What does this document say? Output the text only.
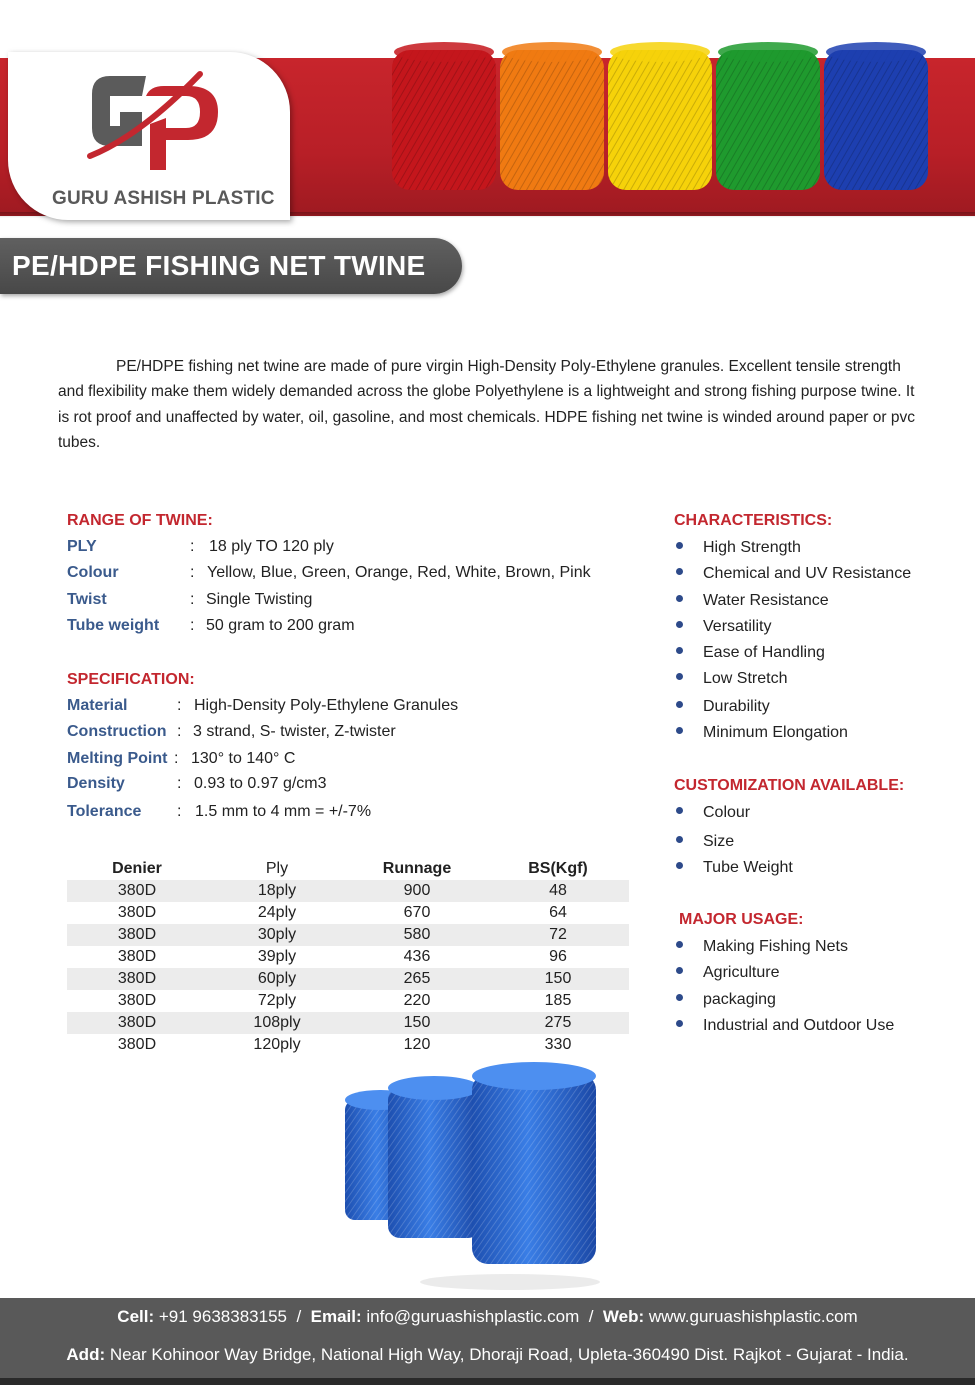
GURU ASHISH PLASTIC
PE/HDPE FISHING NET TWINE

PE/HDPE fishing net twine are made of pure virgin High-Density Poly-Ethylene granules. Excellent tensile strength and flexibility make them widely demanded across the globe Polyethylene is a lightweight and strong fishing purpose twine. It is rot proof and unaffected by water, oil, gasoline, and most chemicals. HDPE fishing net twine is winded around paper or pvc tubes.

RANGE OF TWINE:
PLY	: 18 ply TO 120 ply
Colour	: Yellow, Blue, Green, Orange, Red, White, Brown, Pink
Twist	: Single Twisting
Tube weight : 50 gram to 200 gram
SPECIFICATION:
Material	: High-Density Poly-Ethylene Granules
Construction : 3 strand, S- twister, Z-twister
Melting Point : 130° to 140° C
Density	: 0.93 to 0.97 g/cm3
Tolerance : 1.5 mm to 4 mm = +/-7%
Denier	Ply	Runnage	BS(Kgf)
380D	18ply	900	48
380D	24ply	670	64
380D	30ply	580	72
380D	39ply	436	96
380D	60ply	265	150
380D	72ply	220	185
380D	108ply	150	275
380D	120ply	120	330
CHARACTERISTICS:
High Strength
Chemical and UV Resistance
Water Resistance
Versatility
Ease of Handling
Low Stretch
Durability
Minimum Elongation
CUSTOMIZATION AVAILABLE:
Colour
Size
Tube Weight
MAJOR USAGE:
Making Fishing Nets
Agriculture
packaging
Industrial and Outdoor Use
Cell: +91 9638383155 / Email: info@guruashishplastic.com / Web: www.guruashishplastic.com
Add: Near Kohinoor Way Bridge, National High Way, Dhoraji Road, Upleta-360490 Dist. Rajkot - Gujarat - India.
